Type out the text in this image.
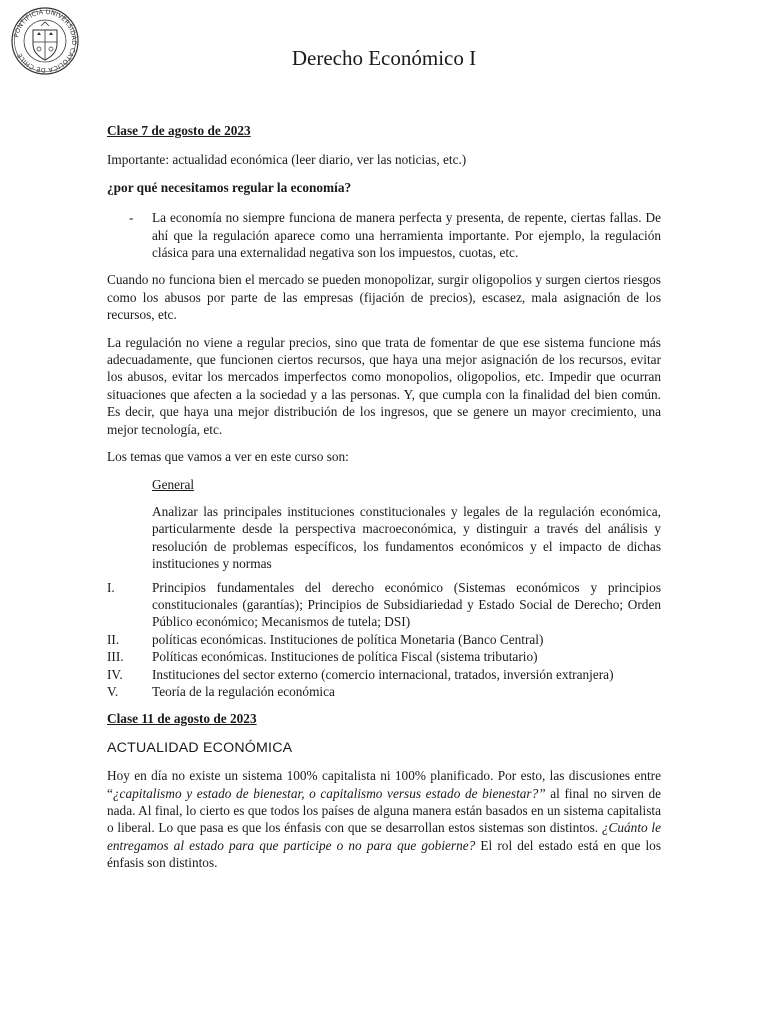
PONTIFICIA UNIVERSIDAD CATÓLICA DE CHILE	Derecho Económico I

Clase 7 de agosto de 2023

Importante: actualidad económica (leer diario, ver las noticias, etc.)

¿por qué necesitamos regular la economía?

- La economía no siempre funciona de manera perfecta y presenta, de repente, ciertas fallas. De ahí que la regulación aparece como una herramienta importante. Por ejemplo, la regulación clásica para una externalidad negativa son los impuestos, cuotas, etc.

Cuando no funciona bien el mercado se pueden monopolizar, surgir oligopolios y surgen ciertos riesgos como los abusos por parte de las empresas (fijación de precios), escasez, mala asignación de los recursos, etc.

La regulación no viene a regular precios, sino que trata de fomentar de que ese sistema funcione más adecuadamente, que funcionen ciertos recursos, que haya una mejor asignación de los recursos, evitar los abusos, evitar los mercados imperfectos como monopolios, oligopolios, etc. Impedir que ocurran situaciones que afecten a la sociedad y a las personas. Y, que cumpla con la finalidad del bien común. Es decir, que haya una mejor distribución de los ingresos, que se genere un mayor crecimiento, una mejor tecnología, etc.

Los temas que vamos a ver en este curso son:

General

Analizar las principales instituciones constitucionales y legales de la regulación económica, particularmente desde la perspectiva macroeconómica, y distinguir a través del análisis y resolución de problemas específicos, los fundamentos económicos y el impacto de dichas instituciones y normas

I.	Principios fundamentales del derecho económico (Sistemas económicos y principios constitucionales (garantías); Principios de Subsidiariedad y Estado Social de Derecho; Orden Público económico; Mecanismos de tutela; DSI)
II. políticas económicas. Instituciones de política Monetaria (Banco Central)
III. Políticas económicas. Instituciones de política Fiscal (sistema tributario)
IV. Instituciones del sector externo (comercio internacional, tratados, inversión extranjera)
V.	Teoría de la regulación económica

Clase 11 de agosto de 2023

ACTUALIDAD ECONÓMICA

Hoy en día no existe un sistema 100% capitalista ni 100% planificado. Por esto, las discusiones entre “¿capitalismo y estado de bienestar, o capitalismo versus estado de bienestar?” al final no sirven de nada. Al final, lo cierto es que todos los países de alguna manera están basados en un sistema capitalista o liberal. Lo que pasa es que los énfasis con que se desarrollan estos sistemas son distintos. ¿Cuánto le entregamos al estado para que participe o no para que gobierne? El rol del estado está en que los énfasis son distintos.
